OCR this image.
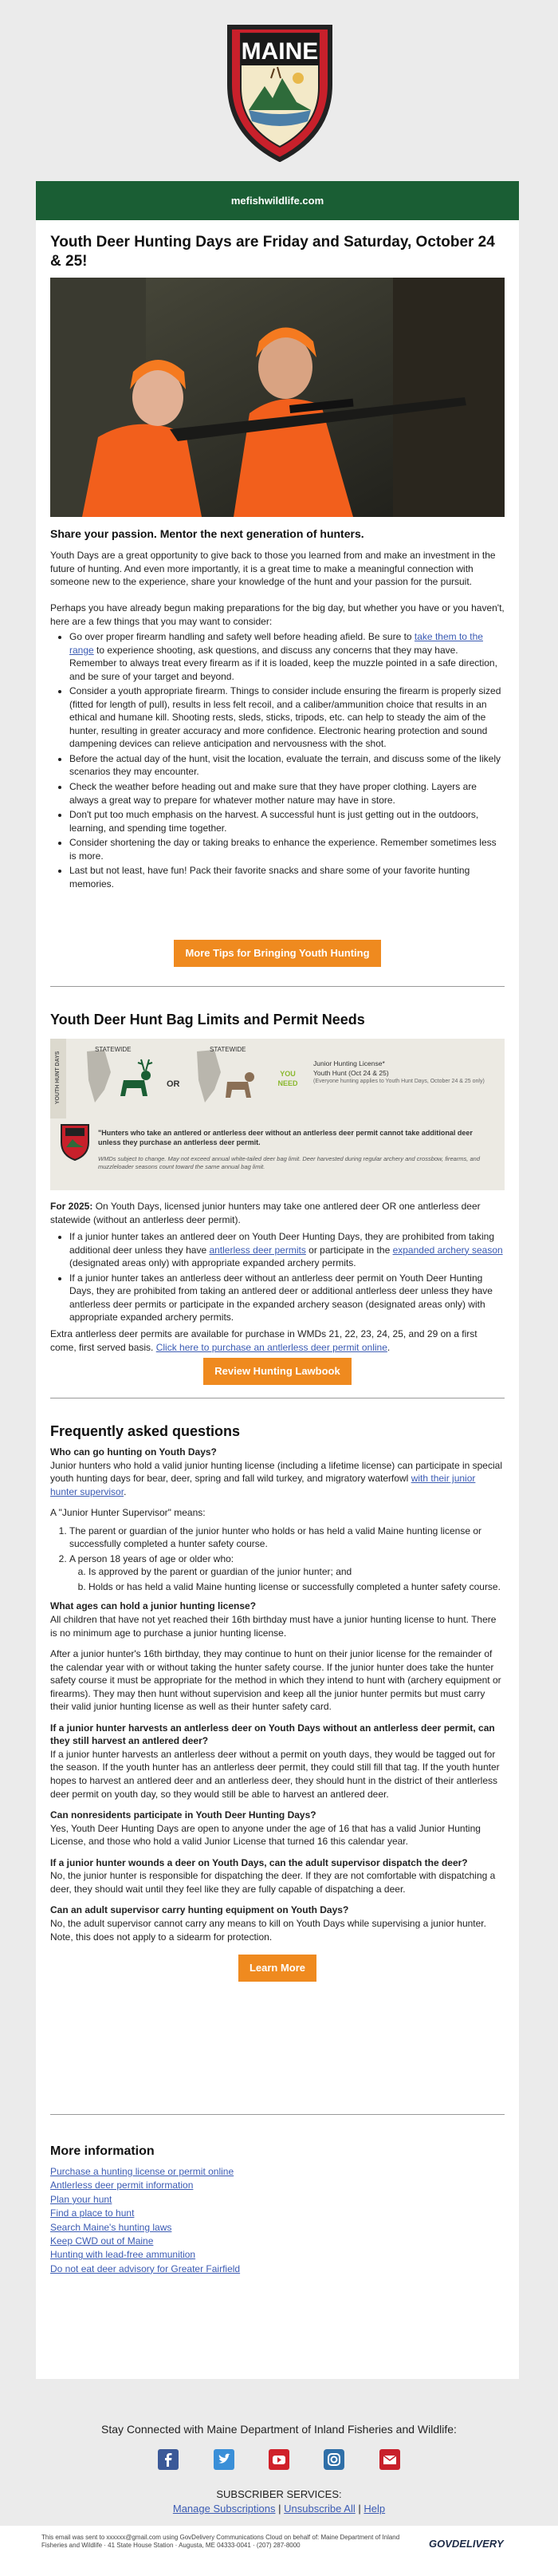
MAINE
mefishwildlife.com
Youth Deer Hunting Days are Friday and Saturday, October 24 & 25!
Share your passion. Mentor the next generation of hunters.

Youth Days are a great opportunity to give back to those you learned from and make an investment in the future of hunting. And even more importantly, it is a great time to make a meaningful connection with someone new to the experience, share your knowledge of the hunt and your passion for the pursuit.

Perhaps you have already begun making preparations for the big day, but whether you have or you haven't, here are a few things that you may want to consider:

• Go over proper firearm handling and safety well before heading afield. Be sure to take them to the range to experience shooting, ask questions, and discuss any concerns that they may have. Remember to always treat every firearm as if it is loaded, keep the muzzle pointed in a safe direction, and be sure of your target and beyond.
• Consider a youth appropriate firearm. Things to consider include ensuring the firearm is properly sized (fitted for length of pull), results in less felt recoil, and a caliber/ammunition choice that results in an ethical and humane kill. Shooting rests, sleds, sticks, tripods, etc. can help to steady the aim of the hunter, resulting in greater accuracy and more confidence. Electronic hearing protection and sound dampening devices can relieve anticipation and nervousness with the shot.
• Before the actual day of the hunt, visit the location, evaluate the terrain, and discuss some of the likely scenarios they may encounter.
• Check the weather before heading out and make sure that they have proper clothing. Layers are always a great way to prepare for whatever mother nature may have in store.
• Don't put too much emphasis on the harvest. A successful hunt is just getting out in the outdoors, learning, and spending time together.
• Consider shortening the day or taking breaks to enhance the experience. Remember sometimes less is more.
• Last but not least, have fun! Pack their favorite snacks and share some of your favorite hunting memories.
More Tips for Bringing Youth Hunting
Youth Deer Hunt Bag Limits and Permit Needs
YOUTH HUNT DAYS
STATEWIDE
OR
STATEWIDE
YOU NEED
Junior Hunting License*
Youth Hunt (Oct 24 & 25)
(Everyone hunting applies to Youth Hunt Days, October 24 & 25 only)
"Hunters who take an antlered or antlerless deer without an antlerless deer permit cannot take additional deer unless they purchase an antlerless deer permit.
WMDs subject to change. May not exceed annual white-tailed deer bag limit. Deer harvested during regular archery and crossbow, firearms, and muzzleloader seasons count toward the same annual bag limit.

For 2025: On Youth Days, licensed junior hunters may take one antlered deer OR one antlerless deer statewide (without an antlerless deer permit).

• If a junior hunter takes an antlered deer on Youth Deer Hunting Days, they are prohibited from taking additional deer unless they have antlerless deer permits or participate in the expanded archery season (designated areas only) with appropriate expanded archery permits.
• If a junior hunter takes an antlerless deer without an antlerless deer permit on Youth Deer Hunting Days, they are prohibited from taking an antlered deer or additional antlerless deer unless they have antlerless deer permits or participate in the expanded archery season (designated areas only) with appropriate expanded archery permits.

Extra antlerless deer permits are available for purchase in WMDs 21, 22, 23, 24, 25, and 29 on a first come, first served basis. Click here to purchase an antlerless deer permit online.

Review Hunting Lawbook
Frequently asked questions

Who can go hunting on Youth Days?

Junior hunters who hold a valid junior hunting license (including a lifetime license) can participate in special youth hunting days for bear, deer, spring and fall wild turkey, and migratory waterfowl with their junior hunter supervisor.

A "Junior Hunter Supervisor" means:

1. The parent or guardian of the junior hunter who holds or has held a valid Maine hunting license or successfully completed a hunter safety course.
2. A person 18 years of age or older who:
a. Is approved by the parent or guardian of the junior hunter; and
b. Holds or has held a valid Maine hunting license or successfully completed a hunter safety course.

What ages can hold a junior hunting license?

All children that have not yet reached their 16th birthday must have a junior hunting license to hunt. There is no minimum age to purchase a junior hunting license.

After a junior hunter's 16th birthday, they may continue to hunt on their junior license for the remainder of the calendar year with or without taking the hunter safety course. If the junior hunter does take the hunter safety course it must be appropriate for the method in which they intend to hunt with (archery equipment or firearms). They may then hunt without supervision and keep all the junior hunter permits but must carry their valid junior hunting license as well as their hunter safety card.

If a junior hunter harvests an antlerless deer on Youth Days without an antlerless deer permit, can they still harvest an antlered deer?

If a junior hunter harvests an antlerless deer without a permit on youth days, they would be tagged out for the season. If the youth hunter has an antlerless deer permit, they could still fill that tag. If the youth hunter hopes to harvest an antlered deer and an antlerless deer, they should hunt in the district of their antlerless deer permit on youth day, so they would still be able to harvest an antlered deer.

Can nonresidents participate in Youth Deer Hunting Days?

Yes, Youth Deer Hunting Days are open to anyone under the age of 16 that has a valid Junior Hunting License, and those who hold a valid Junior License that turned 16 this calendar year.

If a junior hunter wounds a deer on Youth Days, can the adult supervisor dispatch the deer?

No, the junior hunter is responsible for dispatching the deer. If they are not comfortable with dispatching a deer, they should wait until they feel like they are fully capable of dispatching a deer.

Can an adult supervisor carry hunting equipment on Youth Days?

No, the adult supervisor cannot carry any means to kill on Youth Days while supervising a junior hunter. Note, this does not apply to a sidearm for protection.

Learn More
More information
Purchase a hunting license or permit online
Antlerless deer permit information
Plan your hunt
Find a place to hunt
Search Maine's hunting laws
Keep CWD out of Maine
Hunting with lead-free ammunition
Do not eat deer advisory for Greater Fairfield
Stay Connected with Maine Department of Inland Fisheries and Wildlife:

SUBSCRIBER SERVICES:
Manage Subscriptions | Unsubscribe All | Help
This email was sent to xxxxxx@gmail.com using GovDelivery Communications Cloud on behalf of: Maine Department of Inland Fisheries and Wildlife · 41 State House Station · Augusta, ME 04333-0041 · (207) 287-8000	GOVDELIVERY
